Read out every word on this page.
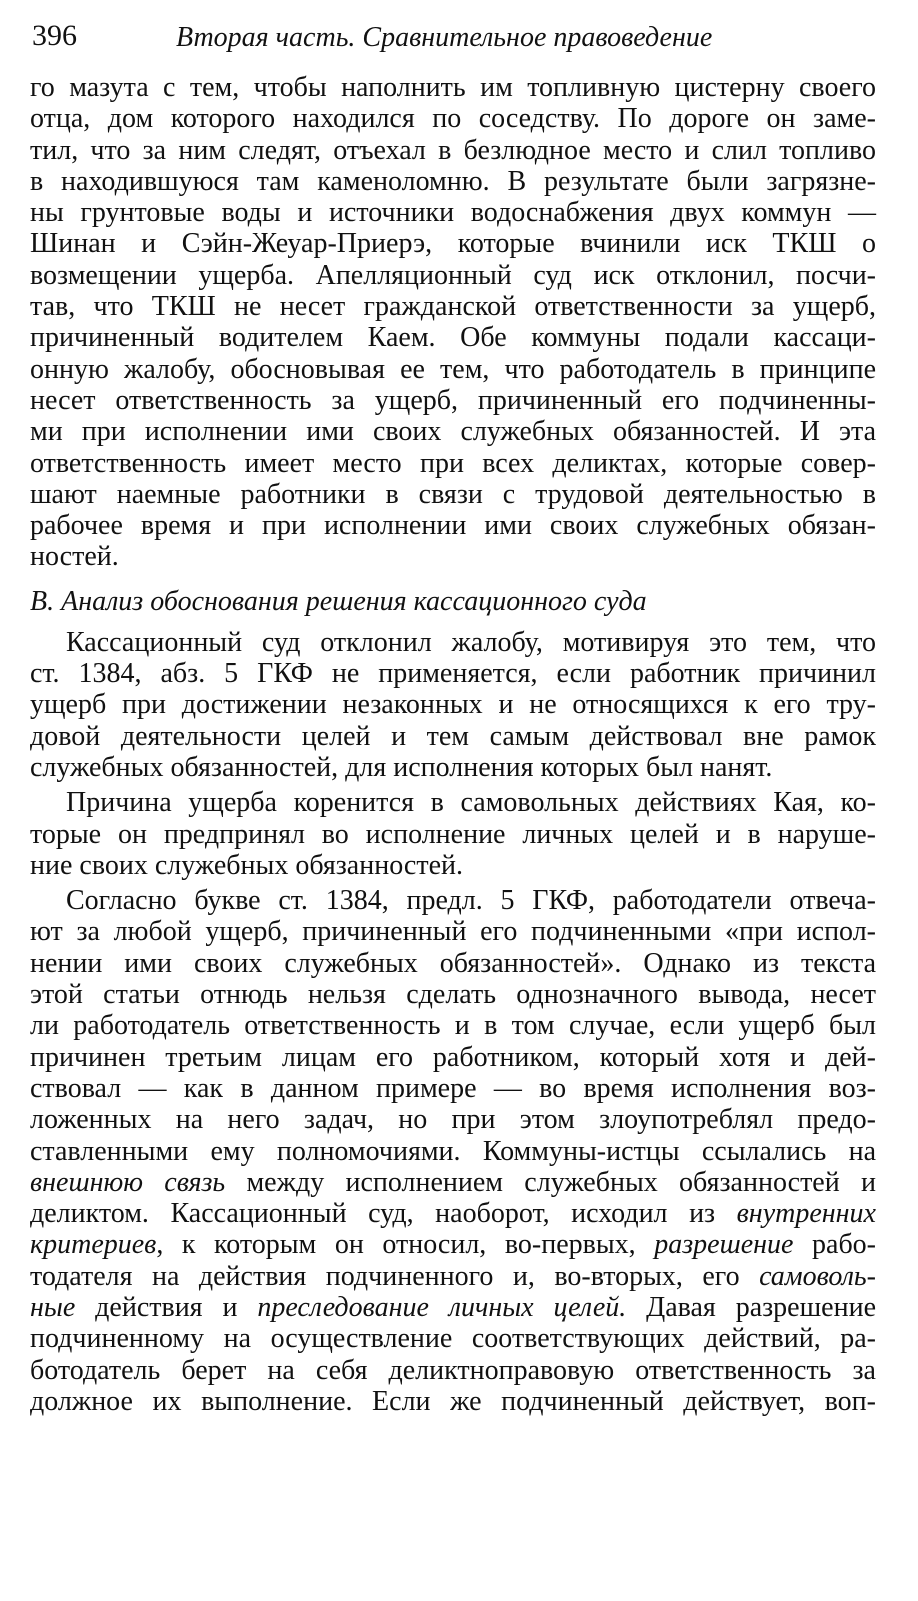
396	Вторая часть. Сравнительное правоведение

го мазута с тем, чтобы наполнить им топливную цистерну своего

отца, дом которого находился по соседству. По дороге он заме-

тил, что за ним следят, отъехал в безлюдное место и слил топливо

в находившуюся там каменоломню. В результате были загрязне-

ны грунтовые воды и источники водоснабжения двух коммун —

Шинан и Сэйн-Жеуар-Приерэ, которые вчинили иск ТКШ о

возмещении ущерба. Апелляционный суд иск отклонил, посчи-

тав, что ТКШ не несет гражданской ответственности за ущерб,

причиненный водителем Каем. Обе коммуны подали кассаци-

онную жалобу, обосновывая ее тем, что работодатель в принципе

несет ответственность за ущерб, причиненный его подчиненны-

ми при исполнении ими своих служебных обязанностей. И эта

ответственность имеет место при всех деликтах, которые совер-

шают наемные работники в связи с трудовой деятельностью в

рабочее время и при исполнении ими своих служебных обязан-

ностей.

B. Анализ обоснования решения кассационного суда

Кассационный суд отклонил жалобу, мотивируя это тем, что

ст. 1384, абз. 5 ГКФ не применяется, если работник причинил

ущерб при достижении незаконных и не относящихся к его тру-

довой деятельности целей и тем самым действовал вне рамок

служебных обязанностей, для исполнения которых был нанят.

Причина ущерба коренится в самовольных действиях Кая, ко-

торые он предпринял во исполнение личных целей и в наруше-

ние своих служебных обязанностей.

Согласно букве ст. 1384, предл. 5 ГКФ, работодатели отвеча-

ют за любой ущерб, причиненный его подчиненными «при испол-

нении ими своих служебных обязанностей». Однако из текста

этой статьи отнюдь нельзя сделать однозначного вывода, несет

ли работодатель ответственность и в том случае, если ущерб был

причинен третьим лицам его работником, который хотя и дей-

ствовал — как в данном примере — во время исполнения воз-

ложенных на него задач, но при этом злоупотреблял предо-

ставленными ему полномочиями. Коммуны-истцы ссылались на

внешнюю связь между исполнением служебных обязанностей и

деликтом. Кассационный суд, наоборот, исходил из внутренних

критериев, к которым он относил, во-первых, разрешение рабо-

тодателя на действия подчиненного и, во-вторых, его самоволь-

ные действия и преследование личных целей. Давая разрешение

подчиненному на осуществление соответствующих действий, ра-

ботодатель берет на себя деликтноправовую ответственность за

должное их выполнение. Если же подчиненный действует, воп-
